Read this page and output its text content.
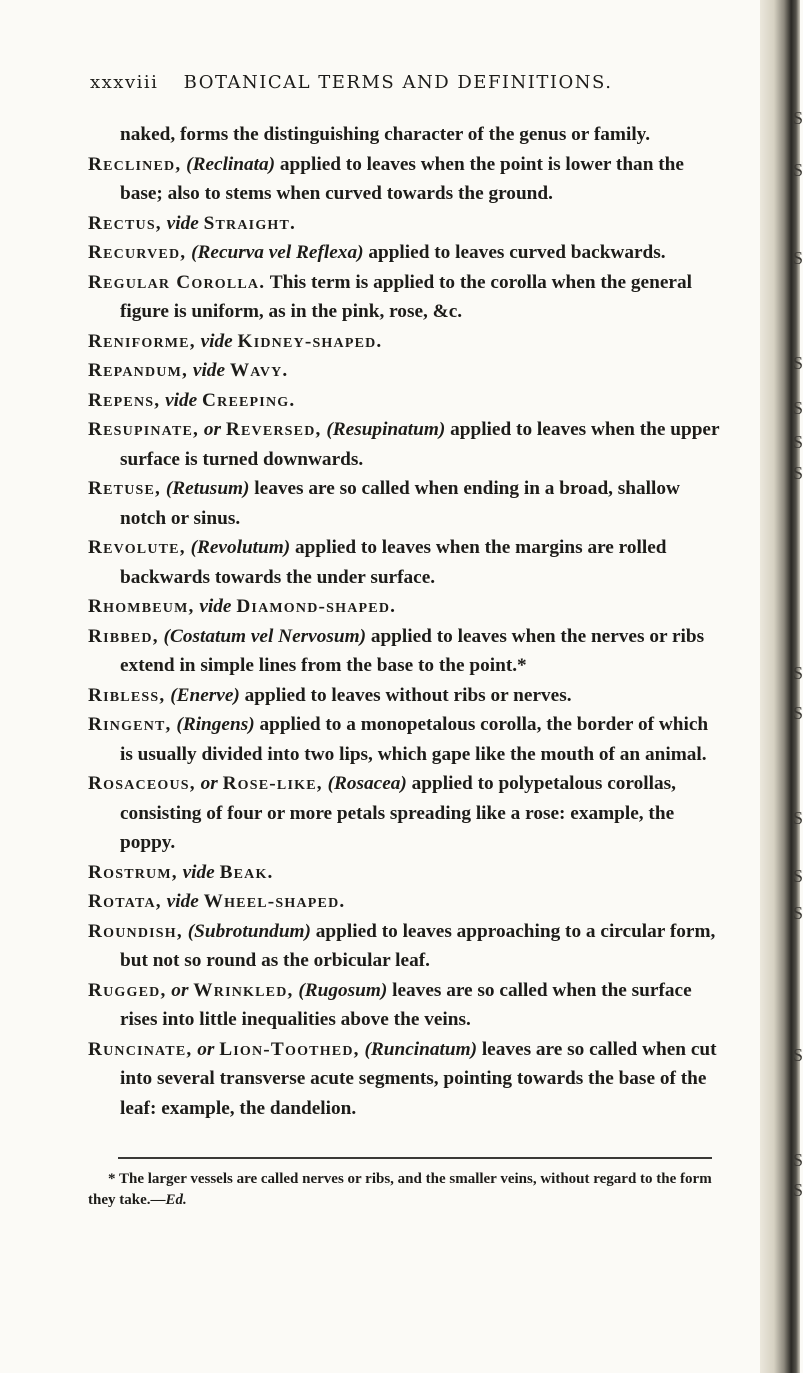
xxxviii BOTANICAL TERMS AND DEFINITIONS.

naked, forms the distinguishing character of the genus or family.

Reclined, (Reclinata) applied to leaves when the point is lower than the base; also to stems when curved towards the ground.

Rectus, vide Straight.

Recurved, (Recurva vel Reflexa) applied to leaves curved backwards.

Regular Corolla. This term is applied to the corolla when the general figure is uniform, as in the pink, rose, &c.

Reniforme, vide Kidney-shaped.

Repandum, vide Wavy.

Repens, vide Creeping.

Resupinate, or Reversed, (Resupinatum) applied to leaves when the upper surface is turned downwards.

Retuse, (Retusum) leaves are so called when ending in a broad, shallow notch or sinus.

Revolute, (Revolutum) applied to leaves when the margins are rolled backwards towards the under surface.

Rhombeum, vide Diamond-shaped.

Ribbed, (Costatum vel Nervosum) applied to leaves when the nerves or ribs extend in simple lines from the base to the point.*

Ribless, (Enerve) applied to leaves without ribs or nerves.

Ringent, (Ringens) applied to a monopetalous corolla, the border of which is usually divided into two lips, which gape like the mouth of an animal.

Rosaceous, or Rose-like, (Rosacea) applied to polypetalous corollas, consisting of four or more petals spreading like a rose: example, the poppy.

Rostrum, vide Beak.

Rotata, vide Wheel-shaped.

Roundish, (Subrotundum) applied to leaves approaching to a circular form, but not so round as the orbicular leaf.

Rugged, or Wrinkled, (Rugosum) leaves are so called when the surface rises into little inequalities above the veins.

Runcinate, or Lion-Toothed, (Runcinatum) leaves are so called when cut into several transverse acute segments, pointing towards the base of the leaf: example, the dandelion.

* The larger vessels are called nerves or ribs, and the smaller veins, without regard to the form they take.—Ed.
S
S
S
S
S
S
S
S
S
S
S
S
S
S
S
